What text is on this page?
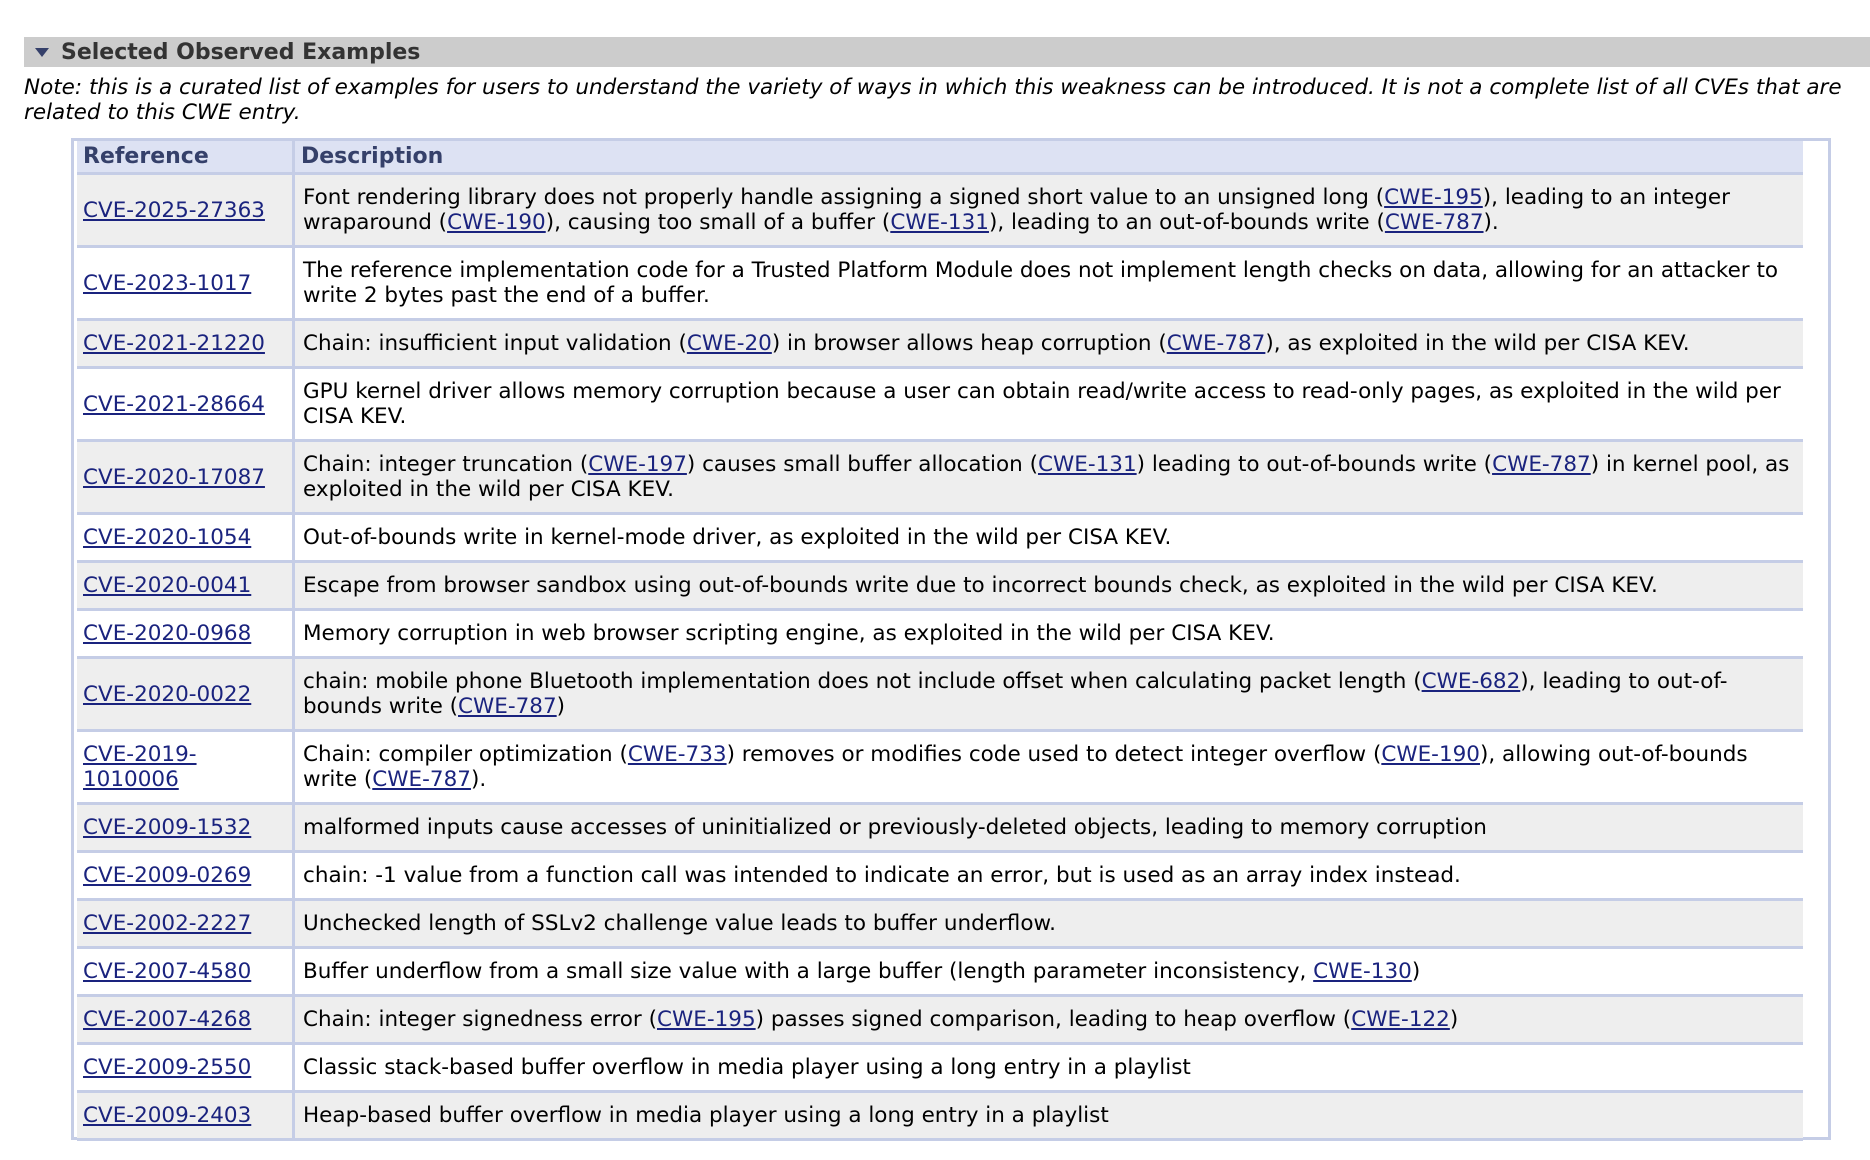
Selected Observed Examples
Note: this is a curated list of examples for users to understand the variety of ways in which this weakness can be introduced. It is not a complete list of all CVEs that are related to this CWE entry.
Reference	Description
CVE-2025-27363 Font rendering library does not properly handle assigning a signed short value to an unsigned long (CWE-195), leading to an integer wraparound (CWE-190), causing too small of a buffer (CWE-131), leading to an out-of-bounds write (CWE-787).
CVE-2023-1017 The reference implementation code for a Trusted Platform Module does not implement length checks on data, allowing for an attacker to write 2 bytes past the end of a buffer.
CVE-2021-21220 Chain: insufficient input validation (CWE-20) in browser allows heap corruption (CWE-787), as exploited in the wild per CISA KEV.
CVE-2021-28664 GPU kernel driver allows memory corruption because a user can obtain read/write access to read-only pages, as exploited in the wild per CISA KEV.
CVE-2020-17087 Chain: integer truncation (CWE-197) causes small buffer allocation (CWE-131) leading to out-of-bounds write (CWE-787) in kernel pool, as exploited in the wild per CISA KEV.
CVE-2020-1054 Out-of-bounds write in kernel-mode driver, as exploited in the wild per CISA KEV.
CVE-2020-0041 Escape from browser sandbox using out-of-bounds write due to incorrect bounds check, as exploited in the wild per CISA KEV.
CVE-2020-0968 Memory corruption in web browser scripting engine, as exploited in the wild per CISA KEV.
CVE-2020-0022 chain: mobile phone Bluetooth implementation does not include offset when calculating packet length (CWE-682), leading to out-of-bounds write (CWE-787)
CVE-2019-1010006
Chain: compiler optimization (CWE-733) removes or modifies code used to detect integer overflow (CWE-190), allowing out-of-bounds write (CWE-787).
CVE-2009-1532 malformed inputs cause accesses of uninitialized or previously-deleted objects, leading to memory corruption
CVE-2009-0269 chain: -1 value from a function call was intended to indicate an error, but is used as an array index instead.
CVE-2002-2227 Unchecked length of SSLv2 challenge value leads to buffer underflow.
CVE-2007-4580 Buffer underflow from a small size value with a large buffer (length parameter inconsistency, CWE-130)
CVE-2007-4268 Chain: integer signedness error (CWE-195) passes signed comparison, leading to heap overflow (CWE-122)
CVE-2009-2550 Classic stack-based buffer overflow in media player using a long entry in a playlist
CVE-2009-2403 Heap-based buffer overflow in media player using a long entry in a playlist
